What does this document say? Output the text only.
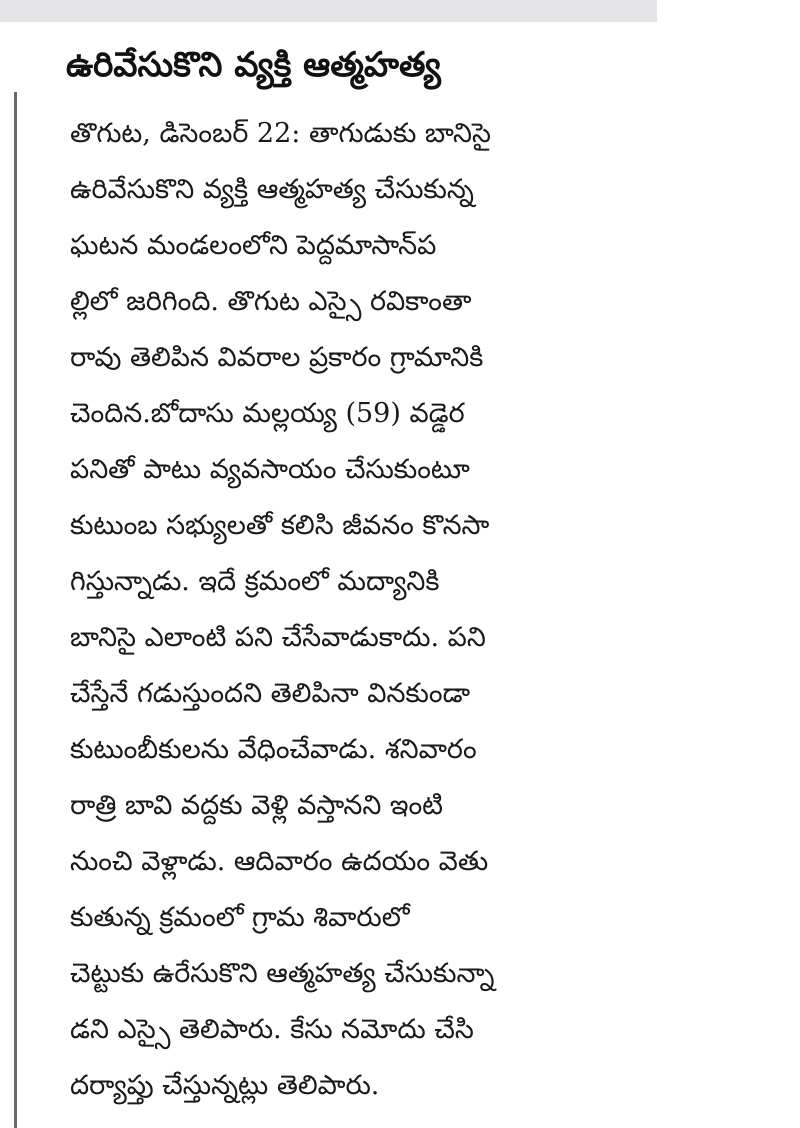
ఉరివేసుకొని వ్యక్తి ఆత్మహత్య
తొగుట, డిసెంబర్ 22: తాగుడుకు బానిసై
ఉరివేసుకొని వ్యక్తి ఆత్మహత్య చేసుకున్న
ఘటన మండలంలోని పెద్దమాసాన్‌ప
ల్లిలో జరిగింది. తొగుట ఎస్సై రవికాంతా
రావు తెలిపిన వివరాల ప్రకారం గ్రామానికి
చెందిన.బోదాసు మల్లయ్య (59) వడ్డెర
పనితో పాటు వ్యవసాయం చేసుకుంటూ
కుటుంబ సభ్యులతో కలిసి జీవనం కొనసా
గిస్తున్నాడు. ఇదే క్రమంలో మద్యానికి
బానిసై ఎలాంటి పని చేసేవాడుకాదు. పని
చేస్తేనే గడుస్తుందని తెలిపినా వినకుండా
కుటుంబీకులను వేధించేవాడు. శనివారం
రాత్రి బావి వద్దకు వెళ్లి వస్తానని ఇంటి
నుంచి వెళ్లాడు. ఆదివారం ఉదయం వెతు
కుతున్న క్రమంలో గ్రామ శివారులో
చెట్టుకు ఉరేసుకొని ఆత్మహత్య చేసుకున్నా
డని ఎస్సై తెలిపారు. కేసు నమోదు చేసి
దర్యాప్తు చేస్తున్నట్లు తెలిపారు.
